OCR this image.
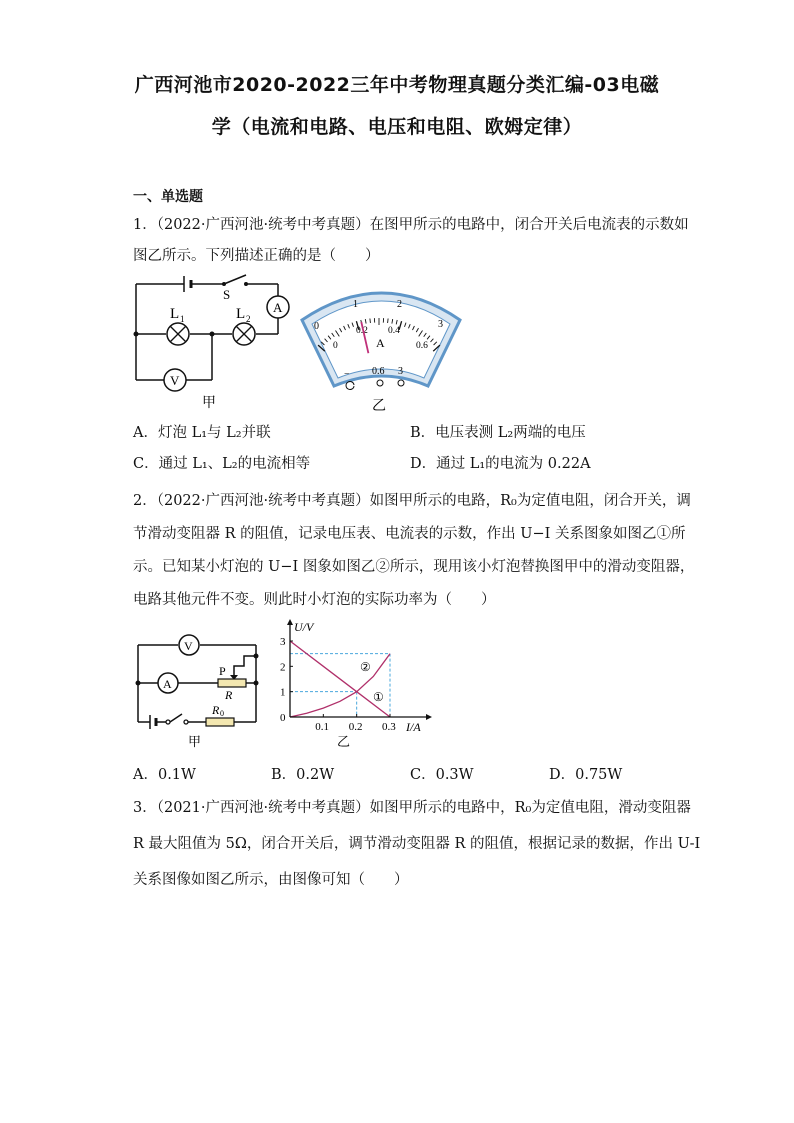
广西河池市2020-2022三年中考物理真题分类汇编-03电磁
学（电流和电路、电压和电阻、欧姆定律）
一、单选题
1．（2022·广西河池·统考中考真题）在图甲所示的电路中，闭合开关后电流表的示数如
图乙所示。下列描述正确的是（　　）
S
A
L 1	L 2
V
甲
0
1	2
3
0
0.2 0.4
0.6
A
− 0.6 3
乙
A．灯泡 L₁与 L₂并联	B．电压表测 L₂两端的电压
C．通过 L₁、L₂的电流相等	D．通过 L₁的电流为 0.22A
2．（2022·广西河池·统考中考真题）如图甲所示的电路，R₀为定值电阻，闭合开关，调
节滑动变阻器 R 的阻值，记录电压表、电流表的示数，作出 U−I 关系图象如图乙①所
示。已知某小灯泡的 U−I 图象如图乙②所示，现用该小灯泡替换图甲中的滑动变阻器，
电路其他元件不变。则此时小灯泡的实际功率为（　　）
V
A
P
R
R 0
甲
0.1 0.2 0.3
1
2
3
U/V
I/A
0
②
①
乙
A．0.1W	B．0.2W	C．0.3W	D．0.75W
3．（2021·广西河池·统考中考真题）如图甲所示的电路中，R₀为定值电阻，滑动变阻器
R 最大阻值为 5Ω，闭合开关后，调节滑动变阻器 R 的阻值，根据记录的数据，作出 U-I
关系图像如图乙所示，由图像可知（　　）
